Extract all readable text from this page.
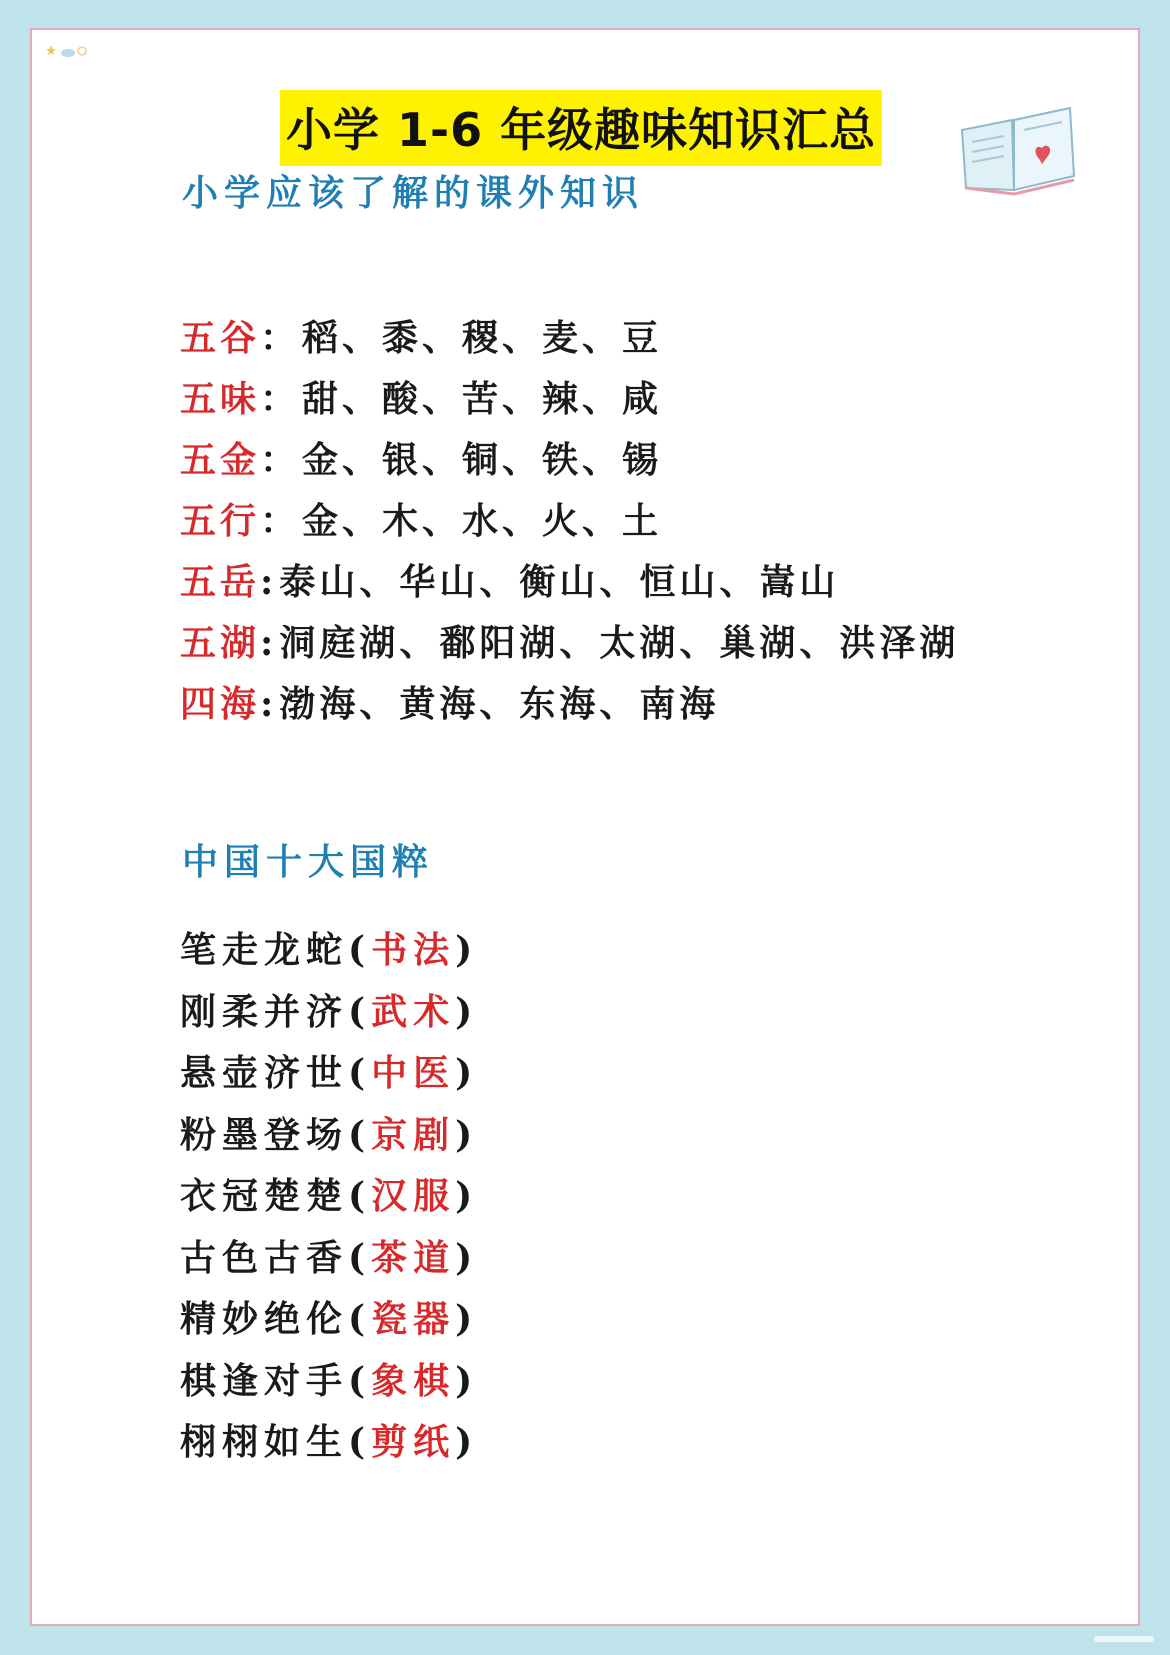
小学 1-6 年级趣味知识汇总
小学应该了解的课外知识
五谷：稻、黍、稷、麦、豆
五味：甜、酸、苦、辣、咸
五金：金、银、铜、铁、锡
五行：金、木、水、火、土
五岳:泰山、华山、衡山、恒山、嵩山
五湖:洞庭湖、鄱阳湖、太湖、巢湖、洪泽湖
四海:渤海、黄海、东海、南海
中国十大国粹
笔走龙蛇(书法)
刚柔并济(武术)
悬壶济世(中医)
粉墨登场(京剧)
衣冠楚楚(汉服)
古色古香(茶道)
精妙绝伦(瓷器)
棋逢对手(象棋)
栩栩如生(剪纸)
